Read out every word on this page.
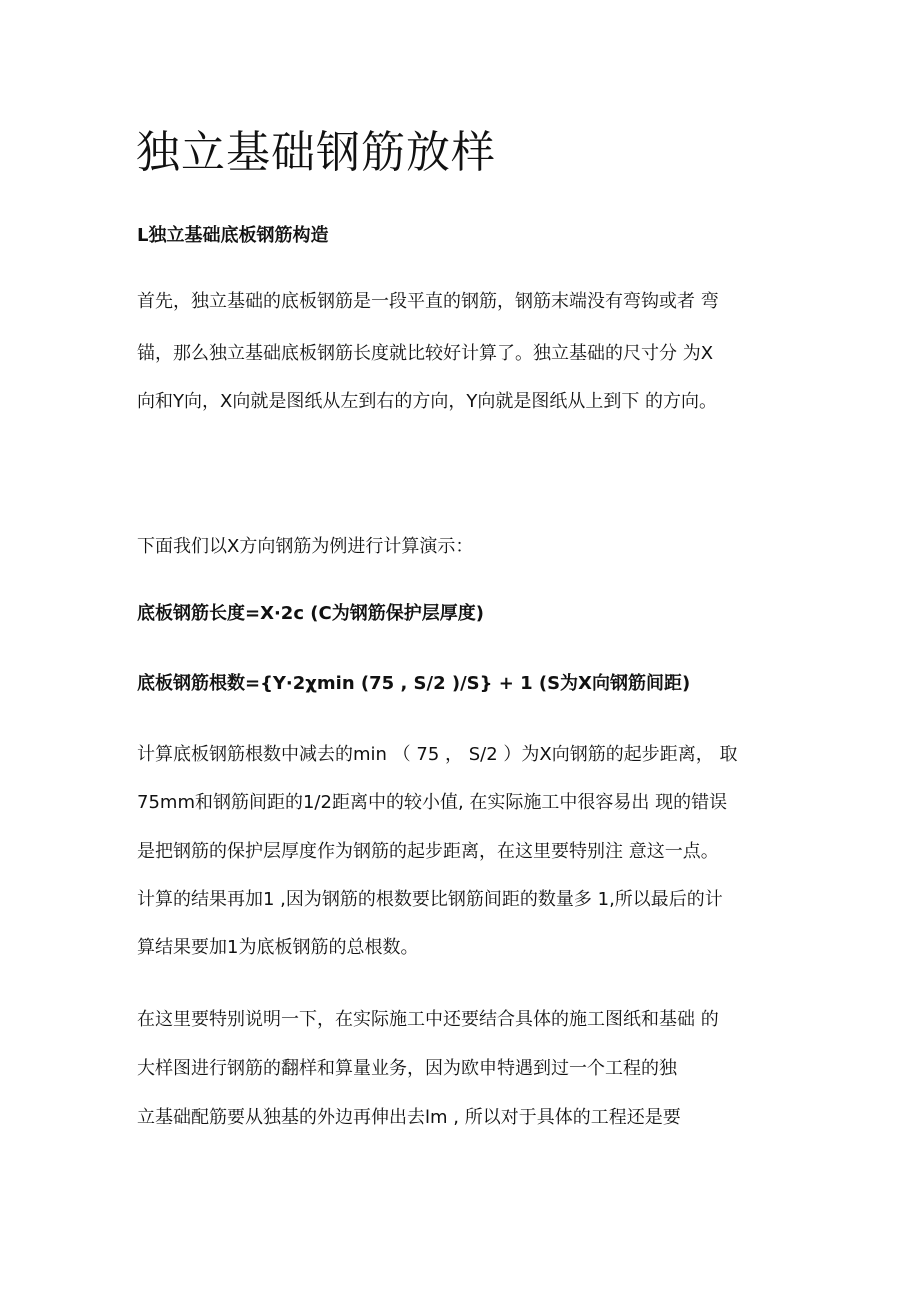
独立基础钢筋放样
L独立基础底板钢筋构造

首先，独立基础的底板钢筋是一段平直的钢筋，钢筋末端没有弯钩或者 弯

锚，那么独立基础底板钢筋长度就比较好计算了。独立基础的尺寸分 为X

向和Y向，X向就是图纸从左到右的方向，Y向就是图纸从上到下 的方向。

下面我们以X方向钢筋为例进行计算演示：

底板钢筋长度=X·2c (C为钢筋保护层厚度)

底板钢筋根数={Y·2χmin (75 , S/2 )/S} + 1 (S为X向钢筋间距)

计算底板钢筋根数中减去的min （ 75 ， S/2 ）为X向钢筋的起步距离， 取

75mm和钢筋间距的1/2距离中的较小值, 在实际施工中很容易出 现的错误

是把钢筋的保护层厚度作为钢筋的起步距离，在这里要特别注 意这一点。

计算的结果再加1 ,因为钢筋的根数要比钢筋间距的数量多 1,所以最后的计

算结果要加1为底板钢筋的总根数。

在这里要特别说明一下，在实际施工中还要结合具体的施工图纸和基础 的

大样图进行钢筋的翻样和算量业务，因为欧申特遇到过一个工程的独

立基础配筋要从独基的外边再伸出去lm , 所以对于具体的工程还是要
